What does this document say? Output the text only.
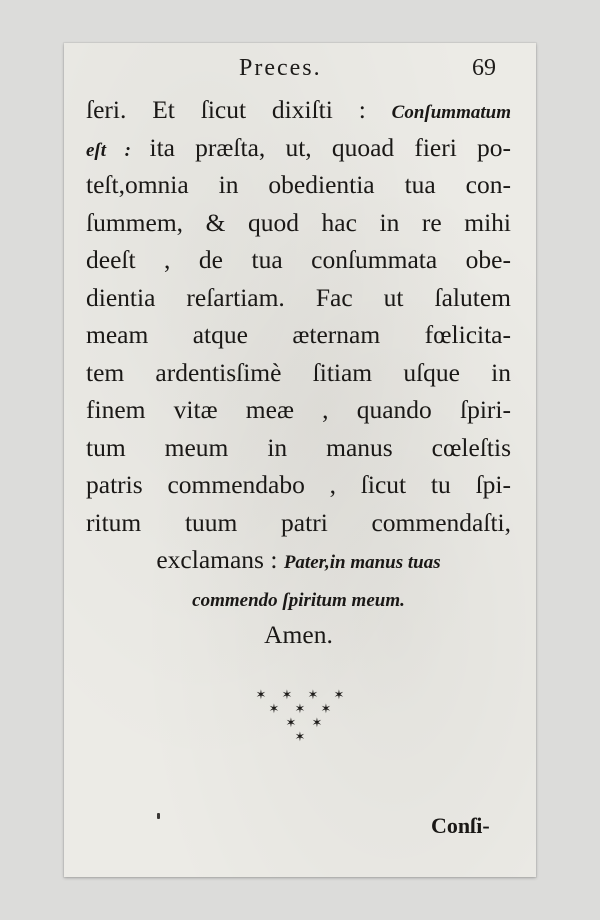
Preces.	69
ſeri. Et ſicut dixiſti : Conſummatum
eſt : ita præſta, ut, quoad fieri po-
teſt,omnia in obedientia tua con-
ſummem, & quod hac in re mihi
deeſt , de tua conſummata obe-
dientia reſartiam. Fac ut ſalutem
meam atque æternam fœlicita-
tem ardentisſimè ſitiam uſque in
finem vitæ meæ , quando ſpiri-
tum meum in manus cœleſtis
patris commendabo , ſicut tu ſpi-
ritum tuum patri commendaſti,
exclamans : Pater,in manus tuas
commendo ſpiritum meum.
Amen.
✶ ✶ ✶ ✶
✶ ✶ ✶
✶ ✶
✶
Conſi-
